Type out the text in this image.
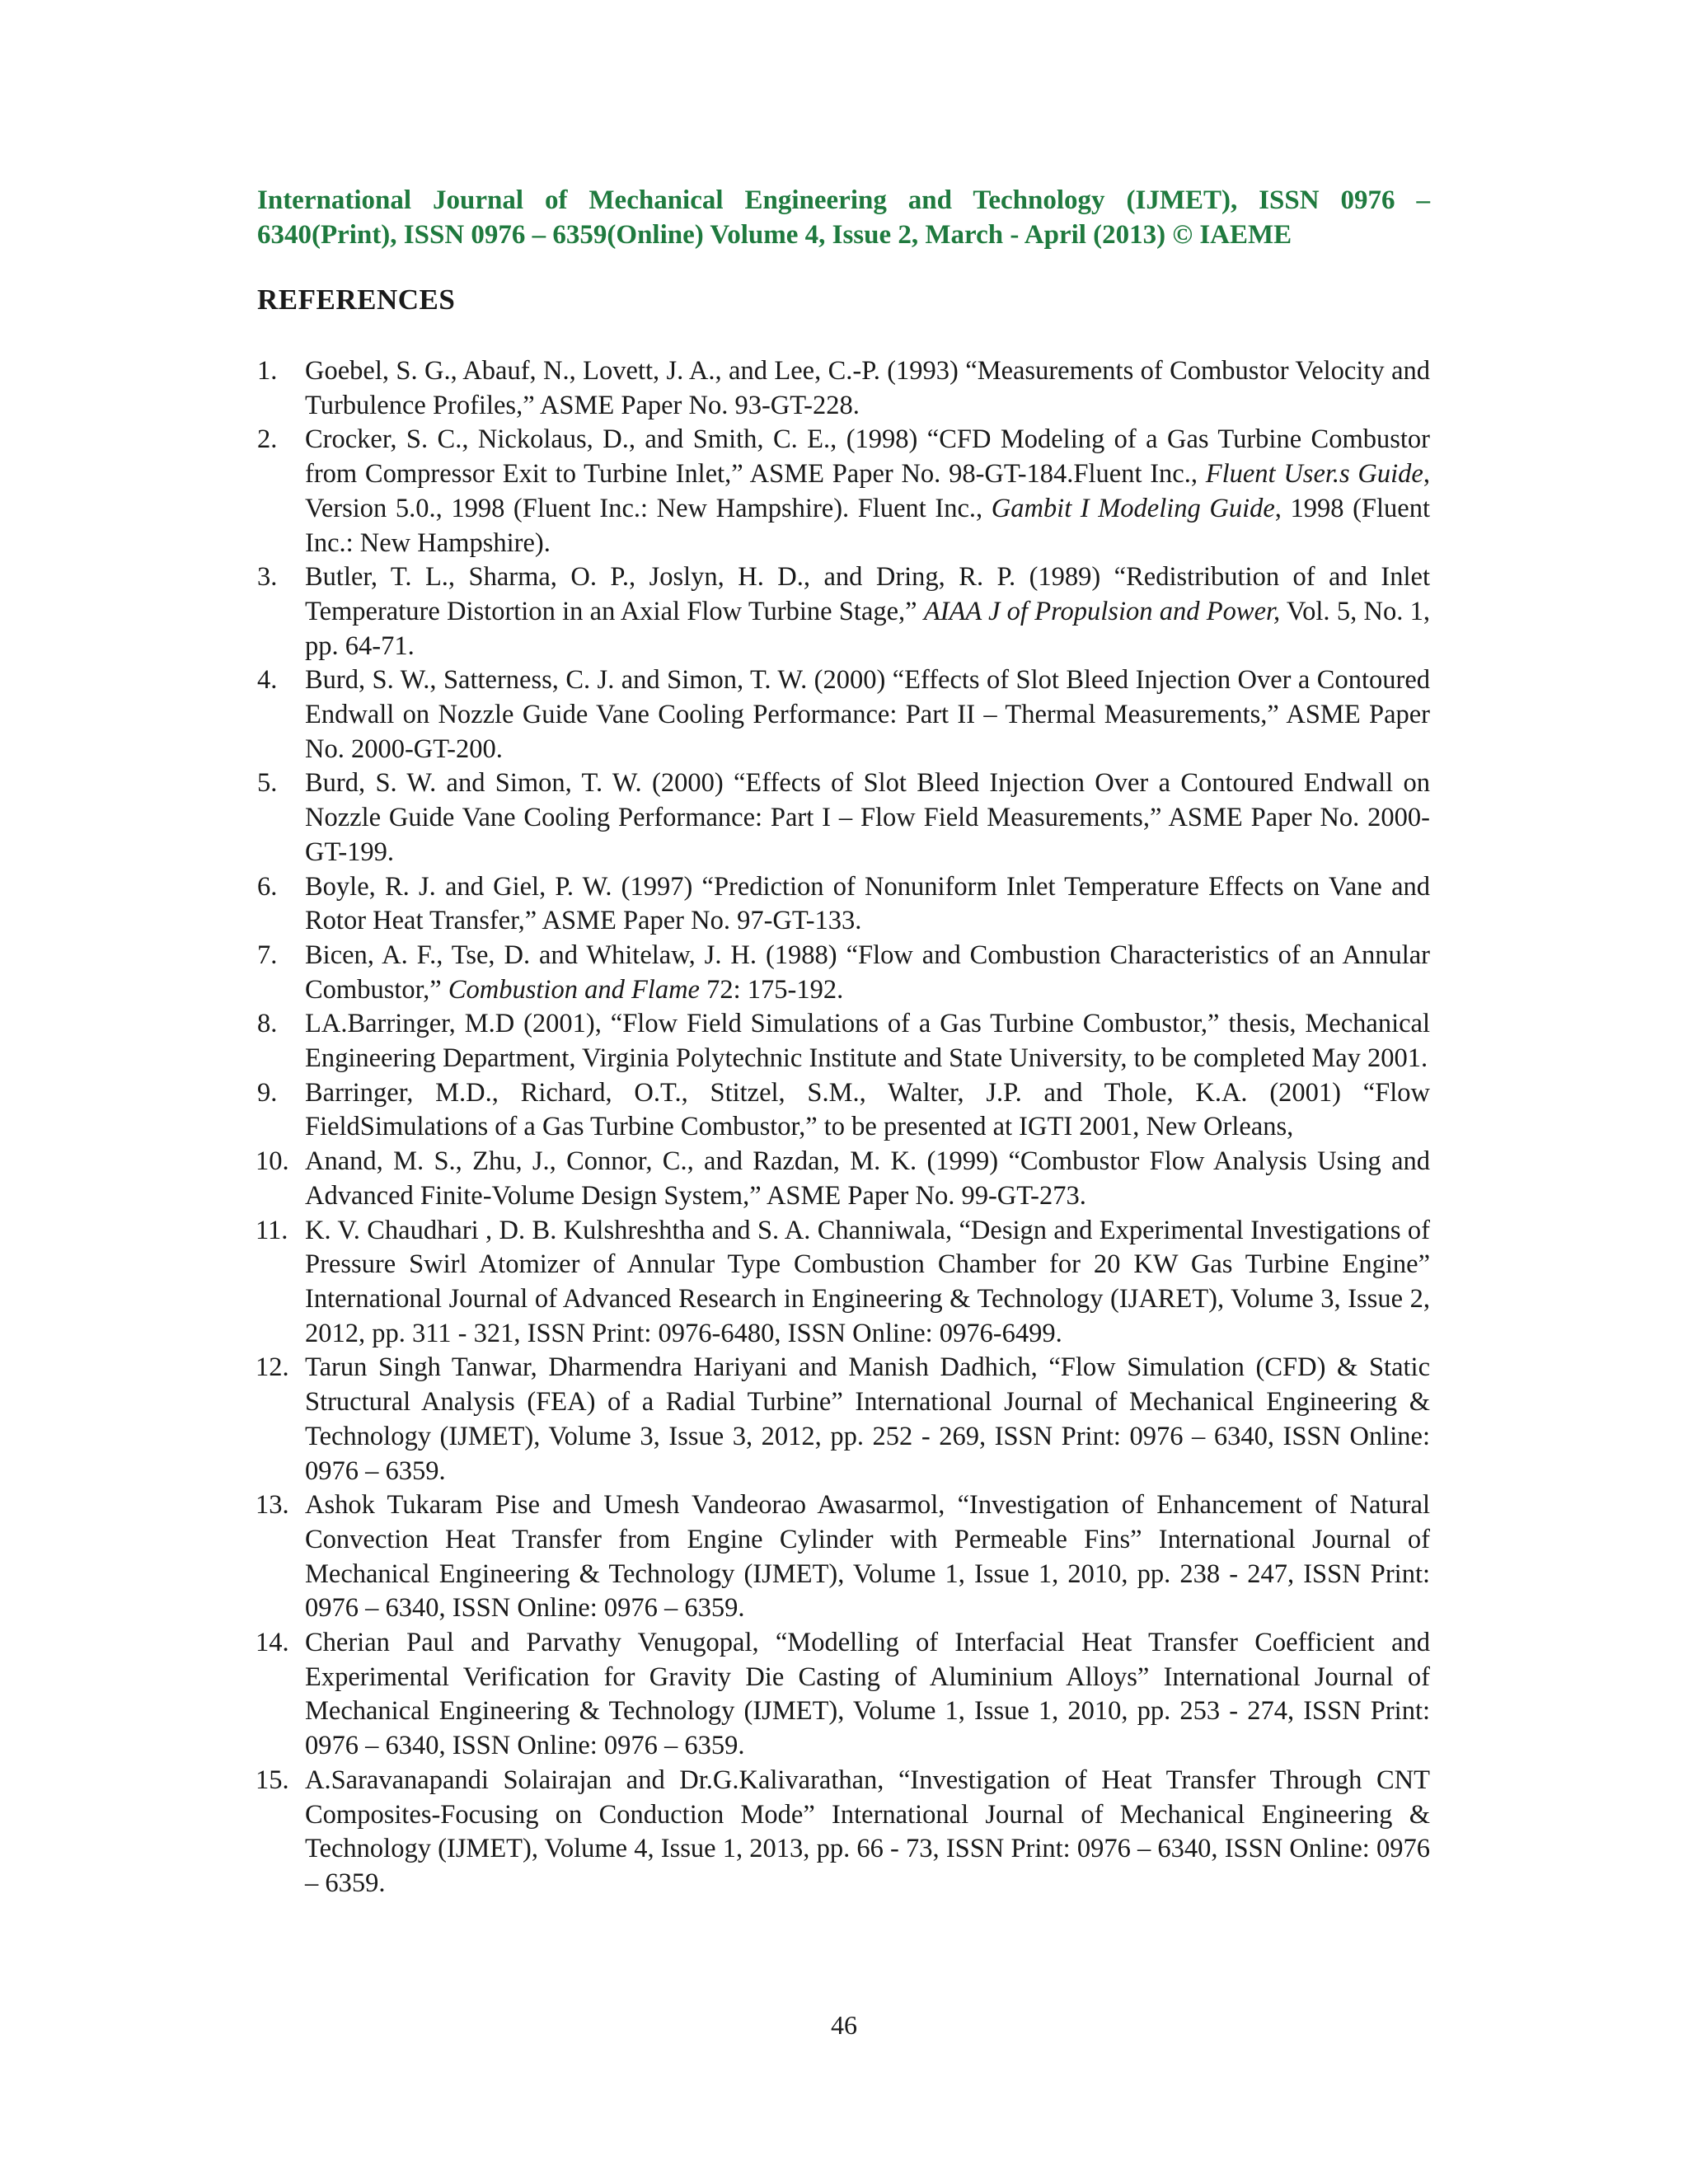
International Journal of Mechanical Engineering and Technology (IJMET), ISSN 0976 – 6340(Print), ISSN 0976 – 6359(Online) Volume 4, Issue 2, March - April (2013) © IAEME
REFERENCES
1.	Goebel, S. G., Abauf, N., Lovett, J. A., and Lee, C.-P. (1993) “Measurements of Combustor Velocity and Turbulence Profiles,” ASME Paper No. 93-GT-228.
2.	Crocker, S. C., Nickolaus, D., and Smith, C. E., (1998) “CFD Modeling of a Gas Turbine Combustor from Compressor Exit to Turbine Inlet,” ASME Paper No. 98-GT-184.Fluent Inc., Fluent User.s Guide, Version 5.0., 1998 (Fluent Inc.: New Hampshire). Fluent Inc., Gambit I Modeling Guide, 1998 (Fluent Inc.: New Hampshire).
3.	Butler, T. L., Sharma, O. P., Joslyn, H. D., and Dring, R. P. (1989) “Redistribution of and Inlet Temperature Distortion in an Axial Flow Turbine Stage,” AIAA J of Propulsion and Power, Vol. 5, No. 1, pp. 64-71.
4.	Burd, S. W., Satterness, C. J. and Simon, T. W. (2000) “Effects of Slot Bleed Injection Over a Contoured Endwall on Nozzle Guide Vane Cooling Performance: Part II – Thermal Measurements,” ASME Paper No. 2000-GT-200.
5.	Burd, S. W. and Simon, T. W. (2000) “Effects of Slot Bleed Injection Over a Contoured Endwall on Nozzle Guide Vane Cooling Performance: Part I – Flow Field Measurements,” ASME Paper No. 2000-GT-199.
6.	Boyle, R. J. and Giel, P. W. (1997) “Prediction of Nonuniform Inlet Temperature Effects on Vane and Rotor Heat Transfer,” ASME Paper No. 97-GT-133.
7.	Bicen, A. F., Tse, D. and Whitelaw, J. H. (1988) “Flow and Combustion Characteristics of an Annular Combustor,” Combustion and Flame 72: 175-192.
8.	LA.Barringer, M.D (2001), “Flow Field Simulations of a Gas Turbine Combustor,” thesis, Mechanical Engineering Department, Virginia Polytechnic Institute and State University, to be completed May 2001.
9.	Barringer, M.D., Richard, O.T., Stitzel, S.M., Walter, J.P. and Thole, K.A. (2001) “Flow FieldSimulations of a Gas Turbine Combustor,” to be presented at IGTI 2001, New Orleans,
10. Anand, M. S., Zhu, J., Connor, C., and Razdan, M. K. (1999) “Combustor Flow Analysis Using and Advanced Finite-Volume Design System,” ASME Paper No. 99-GT-273.
11. K. V. Chaudhari , D. B. Kulshreshtha and S. A. Channiwala, “Design and Experimental Investigations of Pressure Swirl Atomizer of Annular Type Combustion Chamber for 20 KW Gas Turbine Engine” International Journal of Advanced Research in Engineering & Technology (IJARET), Volume 3, Issue 2, 2012, pp. 311 - 321, ISSN Print: 0976-6480, ISSN Online: 0976-6499.
12. Tarun Singh Tanwar, Dharmendra Hariyani and Manish Dadhich, “Flow Simulation (CFD) & Static Structural Analysis (FEA) of a Radial Turbine” International Journal of Mechanical Engineering & Technology (IJMET), Volume 3, Issue 3, 2012, pp. 252 - 269, ISSN Print: 0976 – 6340, ISSN Online: 0976 – 6359.
13. Ashok Tukaram Pise and Umesh Vandeorao Awasarmol, “Investigation of Enhancement of Natural Convection Heat Transfer from Engine Cylinder with Permeable Fins” International Journal of Mechanical Engineering & Technology (IJMET), Volume 1, Issue 1, 2010, pp. 238 - 247, ISSN Print: 0976 – 6340, ISSN Online: 0976 – 6359.
14. Cherian Paul and Parvathy Venugopal, “Modelling of Interfacial Heat Transfer Coefficient and Experimental Verification for Gravity Die Casting of Aluminium Alloys” International Journal of Mechanical Engineering & Technology (IJMET), Volume 1, Issue 1, 2010, pp. 253 - 274, ISSN Print: 0976 – 6340, ISSN Online: 0976 – 6359.
15. A.Saravanapandi Solairajan and Dr.G.Kalivarathan, “Investigation of Heat Transfer Through CNT Composites-Focusing on Conduction Mode” International Journal of Mechanical Engineering & Technology (IJMET), Volume 4, Issue 1, 2013, pp. 66 - 73, ISSN Print: 0976 – 6340, ISSN Online: 0976 – 6359.
46
